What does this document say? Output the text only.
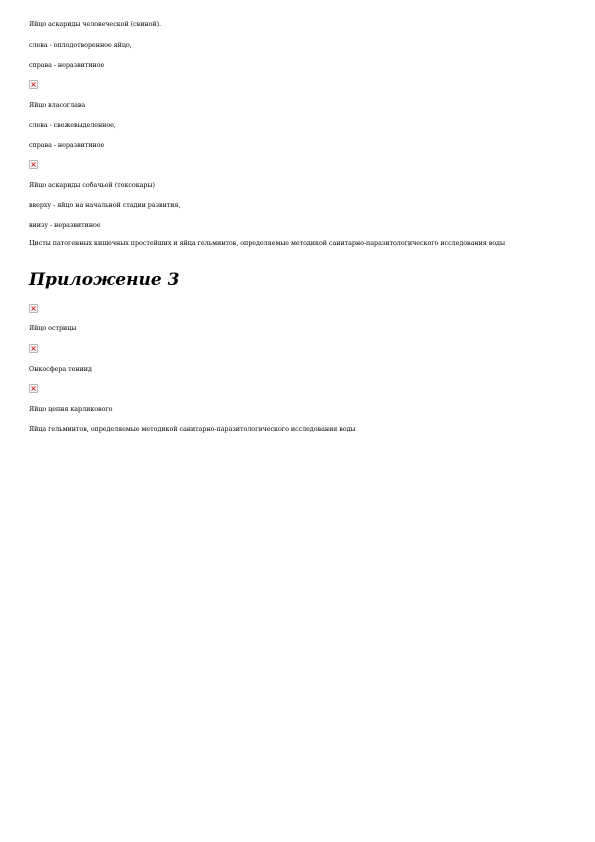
Яйцо аскариды человеческой (свиной).
слева - оплодотворенное яйцо,
справа - неразвитиное
Яйцо власоглава
слева - свежевыделенное,
справа - неразвитиное
Яйцо аскариды собачьей (токсокары)
вверху - яйцо на начальной стадии развития,
внизу - неразвитиное
Цисты патогенных кишечных простейших и яйца гельминтов, определяемые методикой санитарно-паразитологического исследования воды
Приложение 3
Яйцо острицы
Онкосфера тениид
Яйцо цепня карликового
Яйца гельминтов, определяемые методикой санитарно-паразитологического исследования воды
